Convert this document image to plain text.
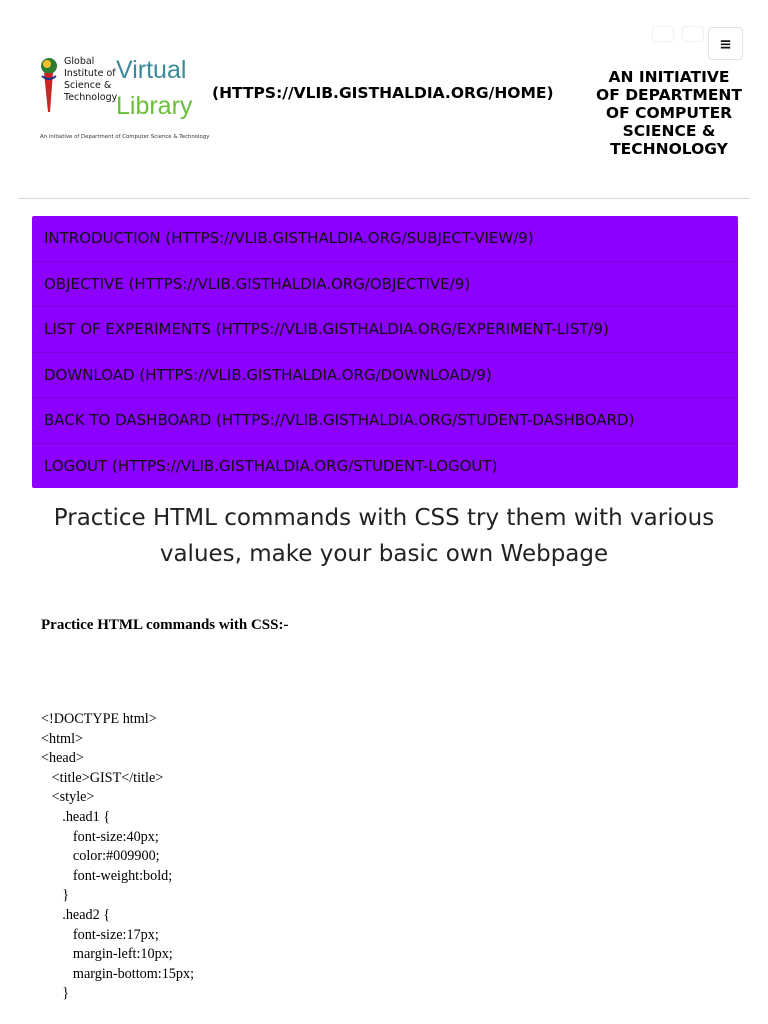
≡
Global
Institute of
Science &
Technology
Virtual
Library
An Initiative of Department of Computer Science & Technology
(HTTPS://VLIB.GISTHALDIA.ORG/HOME)
AN INITIATIVE OF DEPARTMENT OF COMPUTER SCIENCE & TECHNOLOGY
INTRODUCTION (HTTPS://VLIB.GISTHALDIA.ORG/SUBJECT-VIEW/9)
OBJECTIVE (HTTPS://VLIB.GISTHALDIA.ORG/OBJECTIVE/9)
LIST OF EXPERIMENTS (HTTPS://VLIB.GISTHALDIA.ORG/EXPERIMENT-LIST/9)
DOWNLOAD (HTTPS://VLIB.GISTHALDIA.ORG/DOWNLOAD/9)
BACK TO DASHBOARD (HTTPS://VLIB.GISTHALDIA.ORG/STUDENT-DASHBOARD)
LOGOUT (HTTPS://VLIB.GISTHALDIA.ORG/STUDENT-LOGOUT)
Practice HTML commands with CSS try them with various values, make your basic own Webpage
Practice HTML commands with CSS:-
<!DOCTYPE html>
<html>
<head>
<title>GIST</title>
<style>
.head1 {
font-size:40px;
color:#009900;
font-weight:bold;
}
.head2 {
font-size:17px;
margin-left:10px;
margin-bottom:15px;
}
